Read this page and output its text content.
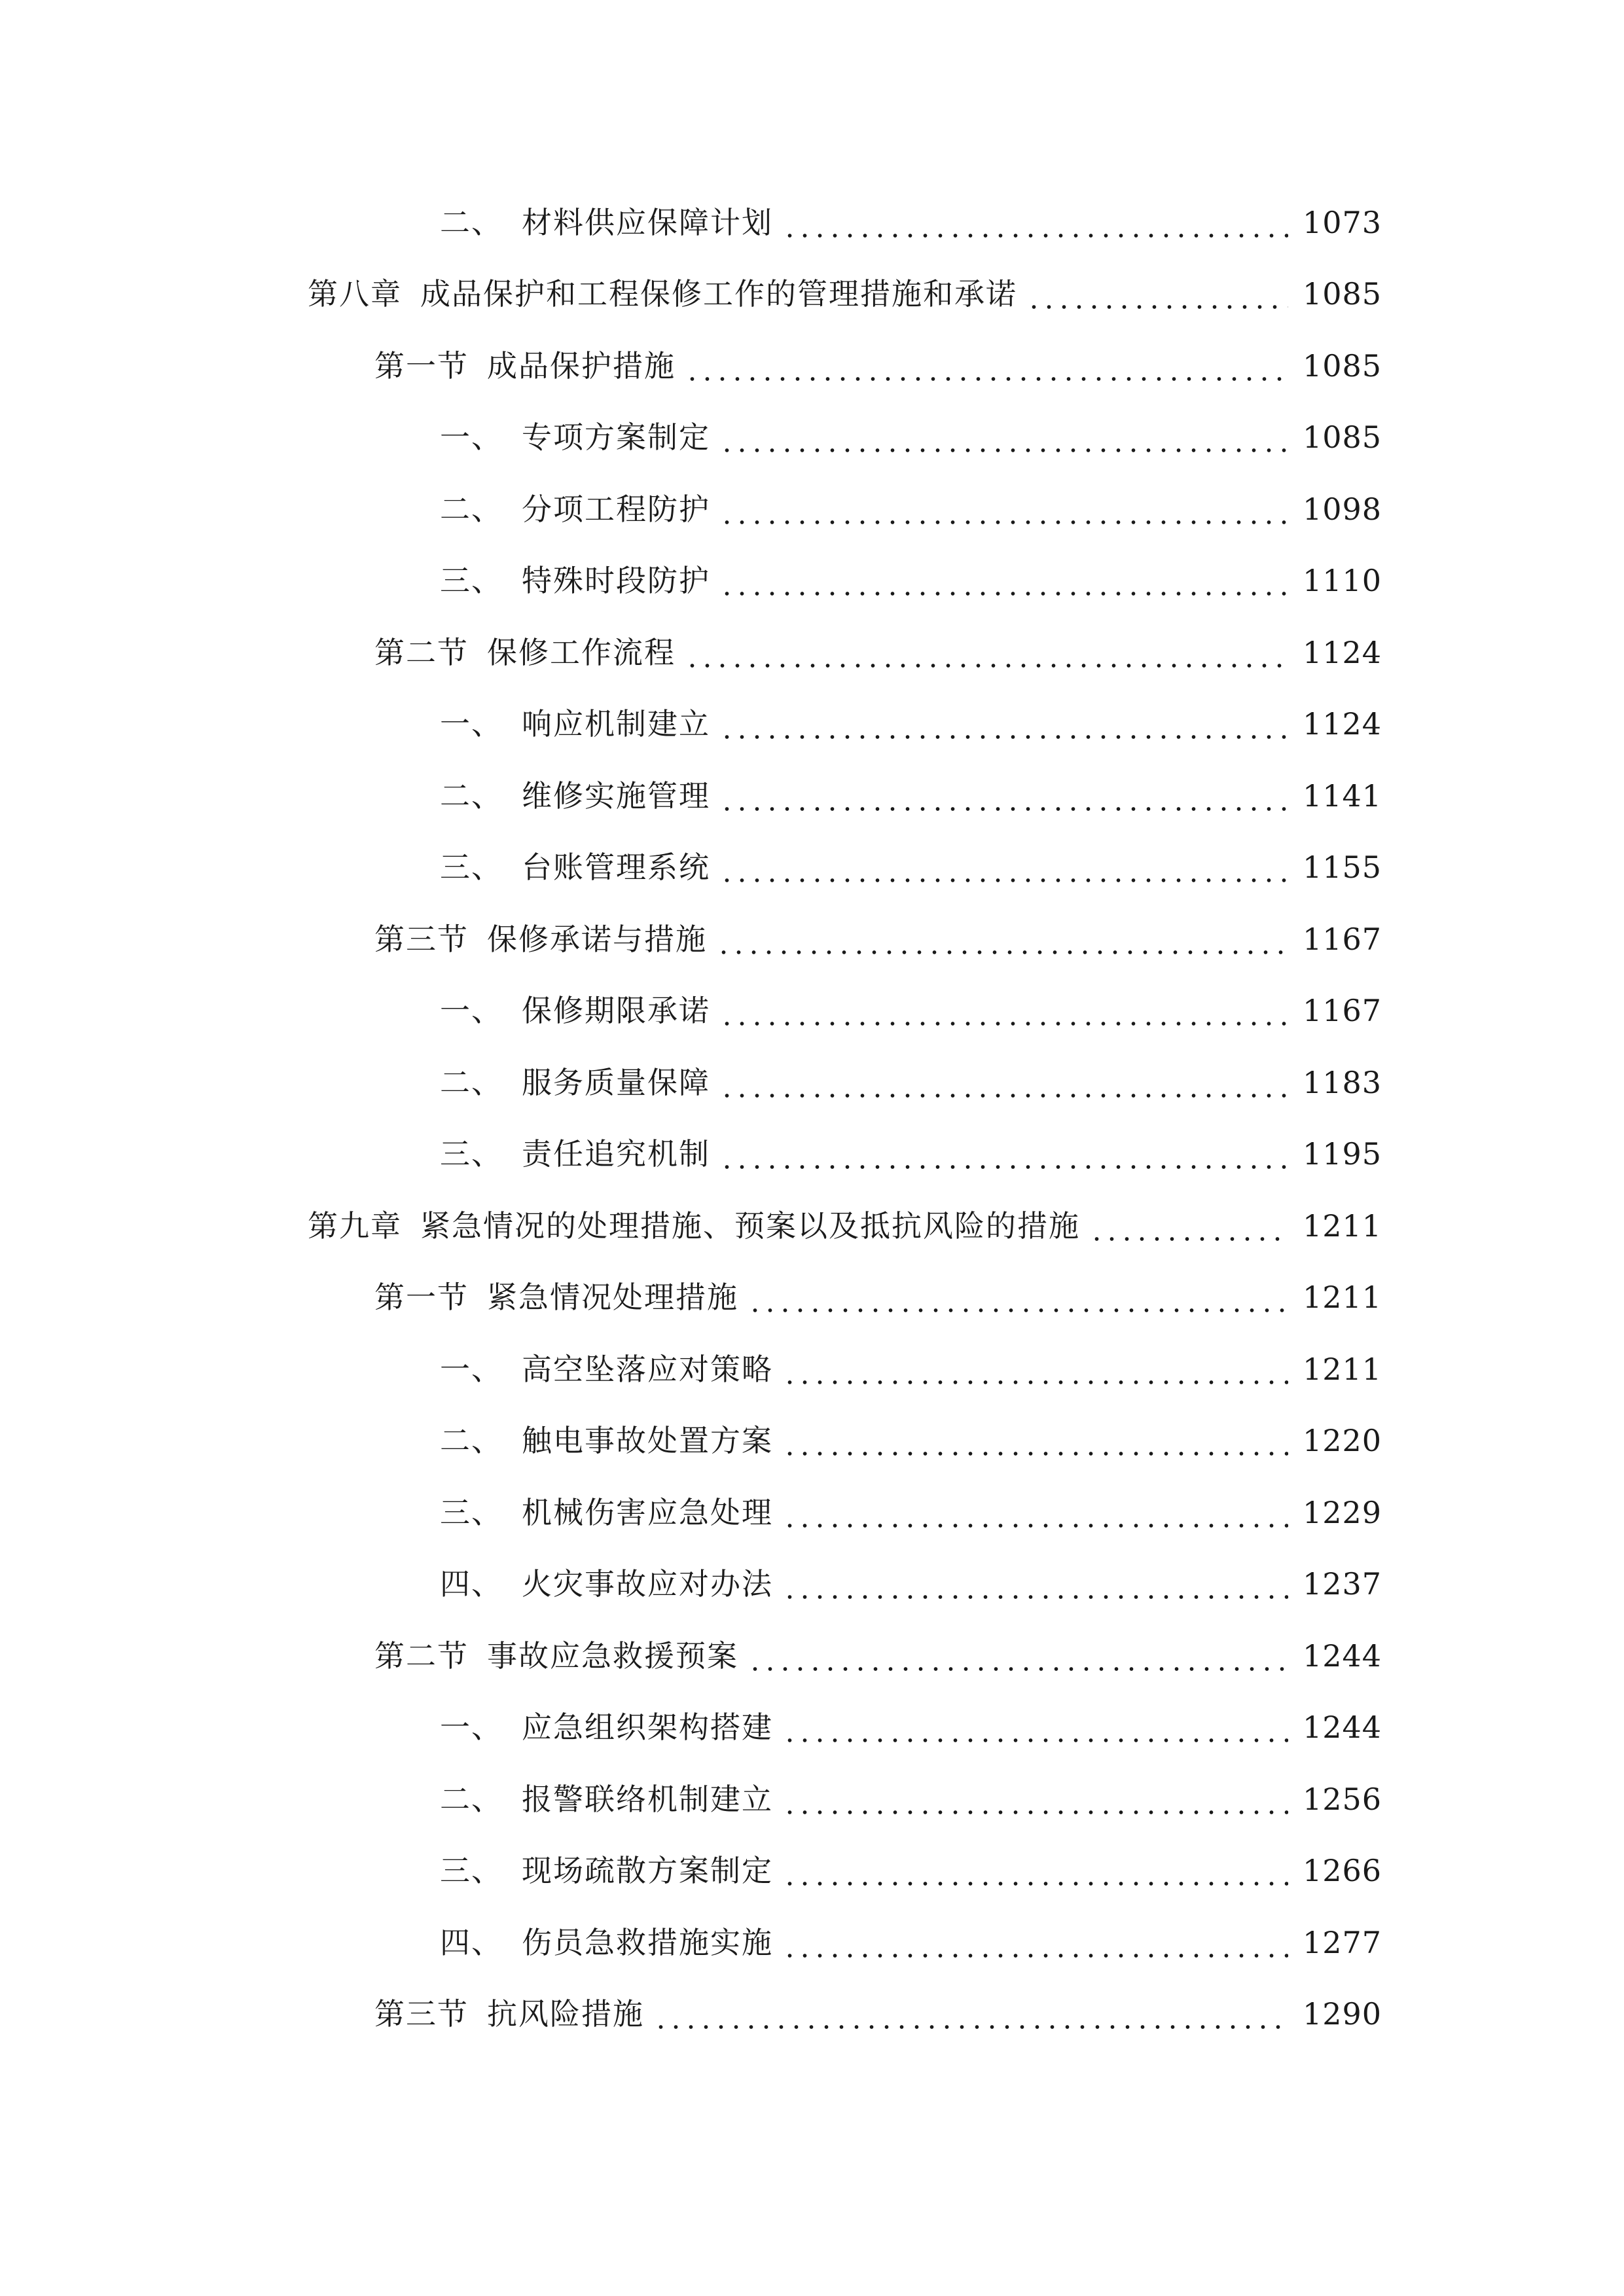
二、 材料供应保障计划	1073
第八章 成品保护和工程保修工作的管理措施和承诺	1085
第一节 成品保护措施	1085
一、 专项方案制定	1085
二、 分项工程防护	1098
三、 特殊时段防护	1110
第二节 保修工作流程	1124
一、 响应机制建立	1124
二、 维修实施管理	1141
三、 台账管理系统	1155
第三节 保修承诺与措施	1167
一、 保修期限承诺	1167
二、 服务质量保障	1183
三、 责任追究机制	1195
第九章 紧急情况的处理措施、预案以及抵抗风险的措施	1211
第一节 紧急情况处理措施	1211
一、 高空坠落应对策略	1211
二、 触电事故处置方案	1220
三、 机械伤害应急处理	1229
四、 火灾事故应对办法	1237
第二节 事故应急救援预案	1244
一、 应急组织架构搭建	1244
二、 报警联络机制建立	1256
三、 现场疏散方案制定	1266
四、 伤员急救措施实施	1277
第三节 抗风险措施	1290
